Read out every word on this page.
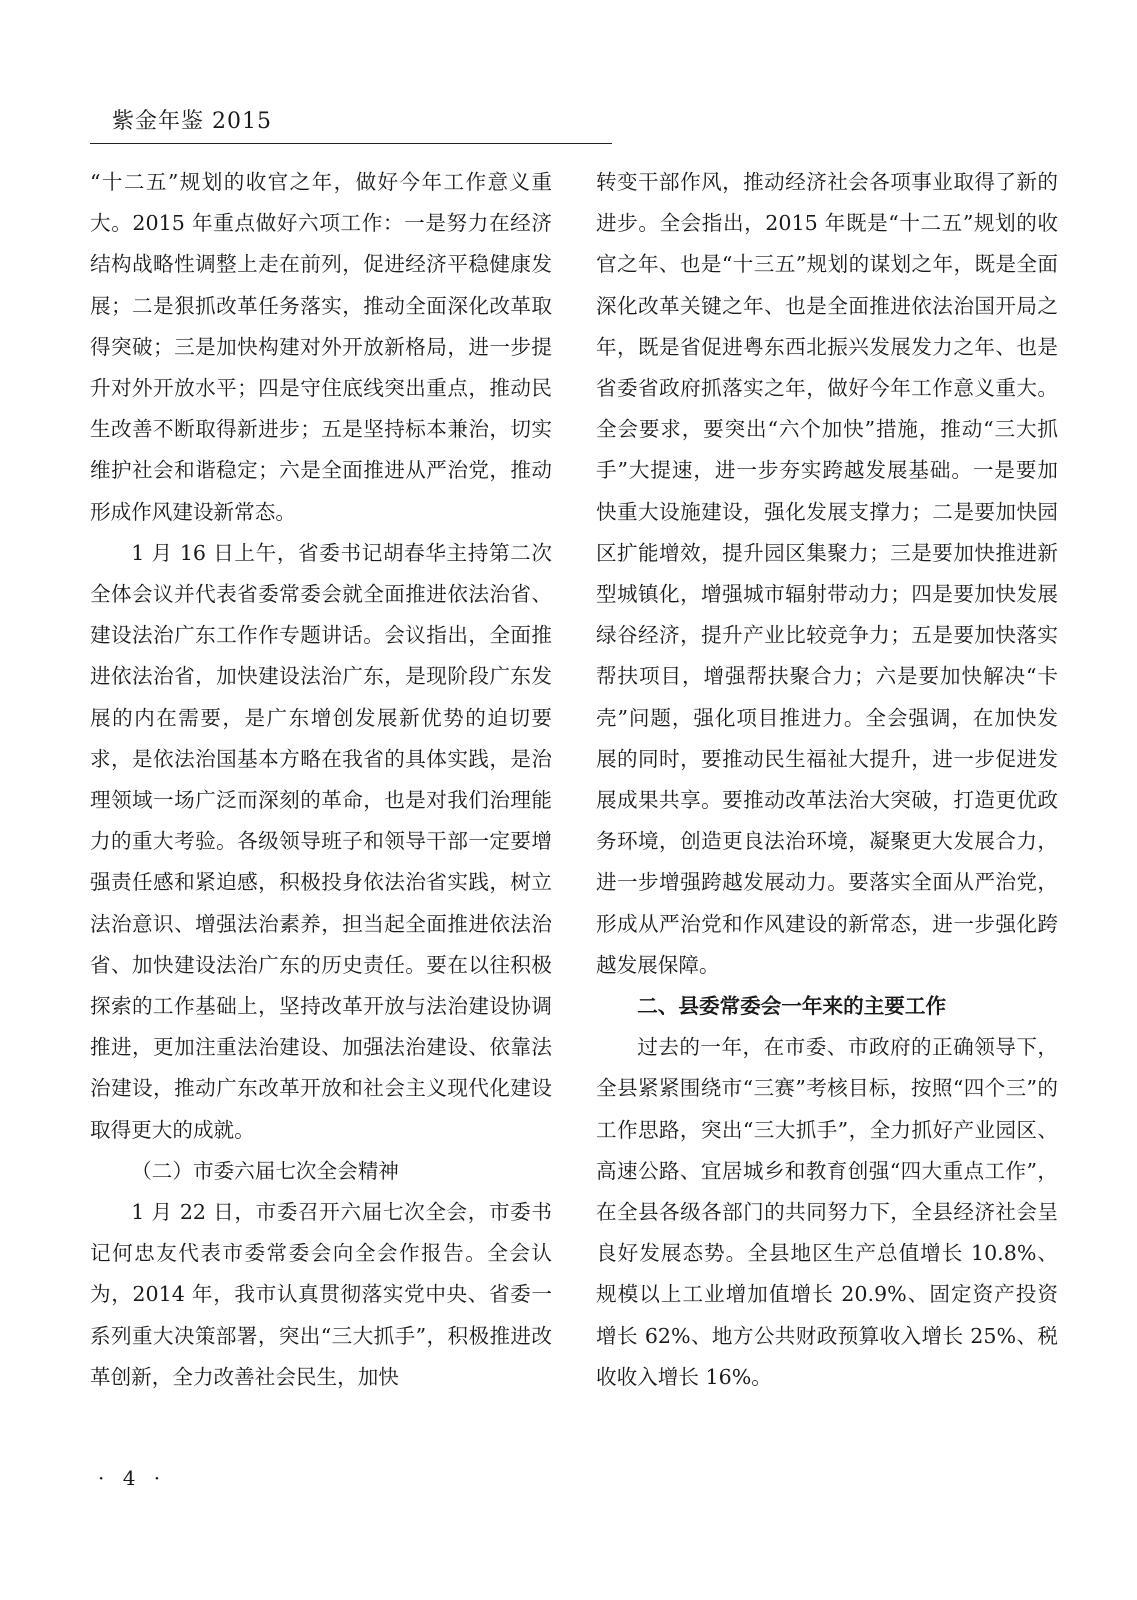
紫金年鉴 2015

“十二五”规划的收官之年，做好今年工作意义重大。2015 年重点做好六项工作：一是努力在经济结构战略性调整上走在前列，促进经济平稳健康发展；二是狠抓改革任务落实，推动全面深化改革取得突破；三是加快构建对外开放新格局，进一步提升对外开放水平；四是守住底线突出重点，推动民生改善不断取得新进步；五是坚持标本兼治，切实维护社会和谐稳定；六是全面推进从严治党，推动形成作风建设新常态。

1 月 16 日上午，省委书记胡春华主持第二次全体会议并代表省委常委会就全面推进依法治省、建设法治广东工作作专题讲话。会议指出，全面推进依法治省，加快建设法治广东，是现阶段广东发展的内在需要，是广东增创发展新优势的迫切要求，是依法治国基本方略在我省的具体实践，是治理领域一场广泛而深刻的革命，也是对我们治理能力的重大考验。各级领导班子和领导干部一定要增强责任感和紧迫感，积极投身依法治省实践，树立法治意识、增强法治素养，担当起全面推进依法治省、加快建设法治广东的历史责任。要在以往积极探索的工作基础上，坚持改革开放与法治建设协调推进，更加注重法治建设、加强法治建设、依靠法治建设，推动广东改革开放和社会主义现代化建设取得更大的成就。

（二）市委六届七次全会精神

1 月 22 日，市委召开六届七次全会，市委书记何忠友代表市委常委会向全会作报告。全会认为，2014 年，我市认真贯彻落实党中央、省委一系列重大决策部署，突出“三大抓手”，积极推进改革创新，全力改善社会民生，加快

转变干部作风，推动经济社会各项事业取得了新的进步。全会指出，2015 年既是“十二五”规划的收官之年、也是“十三五”规划的谋划之年，既是全面深化改革关键之年、也是全面推进依法治国开局之年，既是省促进粤东西北振兴发展发力之年、也是省委省政府抓落实之年，做好今年工作意义重大。全会要求，要突出“六个加快”措施，推动“三大抓手”大提速，进一步夯实跨越发展基础。一是要加快重大设施建设，强化发展支撑力；二是要加快园区扩能增效，提升园区集聚力；三是要加快推进新型城镇化，增强城市辐射带动力；四是要加快发展绿谷经济，提升产业比较竞争力；五是要加快落实帮扶项目，增强帮扶聚合力；六是要加快解决“卡壳”问题，强化项目推进力。全会强调，在加快发展的同时，要推动民生福祉大提升，进一步促进发展成果共享。要推动改革法治大突破，打造更优政务环境，创造更良法治环境，凝聚更大发展合力，进一步增强跨越发展动力。要落实全面从严治党，形成从严治党和作风建设的新常态，进一步强化跨越发展保障。

二、县委常委会一年来的主要工作

过去的一年，在市委、市政府的正确领导下，全县紧紧围绕市“三赛”考核目标，按照“四个三”的工作思路，突出“三大抓手”，全力抓好产业园区、高速公路、宜居城乡和教育创强“四大重点工作”，在全县各级各部门的共同努力下，全县经济社会呈良好发展态势。全县地区生产总值增长 10.8%、规模以上工业增加值增长 20.9%、固定资产投资增长 62%、地方公共财政预算收入增长 25%、税收收入增长 16%。

· 4 ·
